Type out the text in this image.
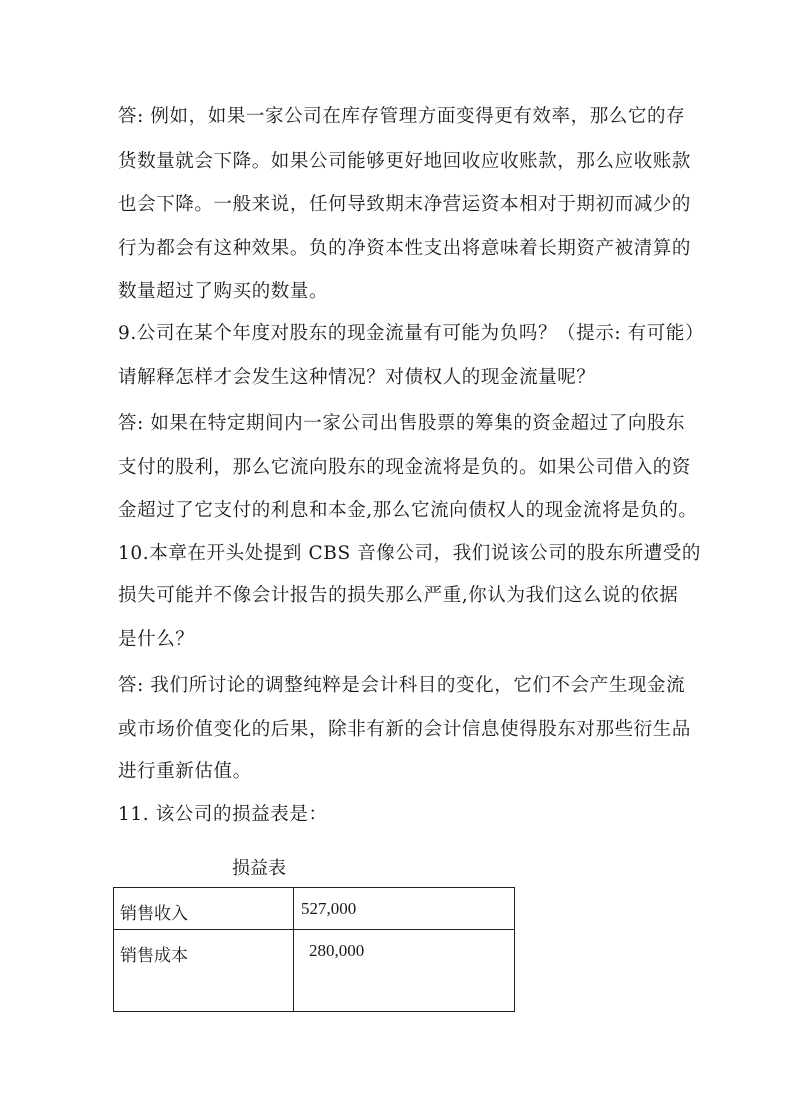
答: 例如，如果一家公司在库存管理方面变得更有效率，那么它的存
货数量就会下降。如果公司能够更好地回收应收账款，那么应收账款
也会下降。一般来说，任何导致期末净营运资本相对于期初而减少的
行为都会有这种效果。负的净资本性支出将意味着长期资产被清算的
数量超过了购买的数量。
9.公司在某个年度对股东的现金流量有可能为负吗？（提示: 有可能）
请解释怎样才会发生这种情况？对债权人的现金流量呢？
答: 如果在特定期间内一家公司出售股票的筹集的资金超过了向股东
支付的股利，那么它流向股东的现金流将是负的。如果公司借入的资
金超过了它支付的利息和本金,那么它流向债权人的现金流将是负的。
10.本章在开头处提到 CBS 音像公司，我们说该公司的股东所遭受的
损失可能并不像会计报告的损失那么严重,你认为我们这么说的依据
是什么？
答: 我们所讨论的调整纯粹是会计科目的变化，它们不会产生现金流
或市场价值变化的后果，除非有新的会计信息使得股东对那些衍生品
进行重新估值。
11. 该公司的损益表是：
损益表
销售收入	527,000
销售成本	280,000
